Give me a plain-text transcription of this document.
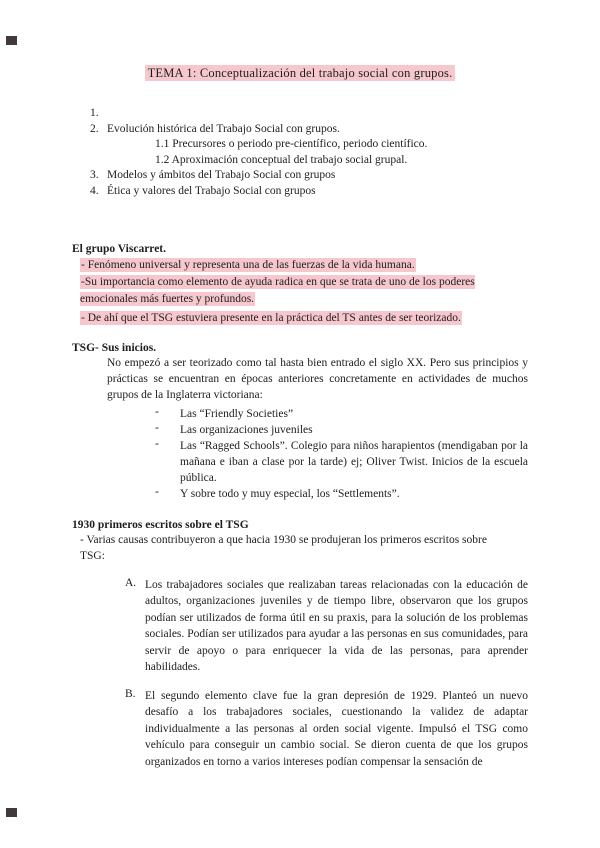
TEMA 1: Conceptualización del trabajo social con grupos.
1.
2. Evolución histórica del Trabajo Social con grupos.
1.1 Precursores o periodo pre-científico, periodo científico.
1.2 Aproximación conceptual del trabajo social grupal.
3. Modelos y ámbitos del Trabajo Social con grupos
4. Ética y valores del Trabajo Social con grupos
El grupo Viscarret.
- Fenómeno universal y representa una de las fuerzas de la vida humana.
-Su importancia como elemento de ayuda radica en que se trata de uno de los poderes emocionales más fuertes y profundos.
- De ahí que el TSG estuviera presente en la práctica del TS antes de ser teorizado.
TSG- Sus inicios.
No empezó a ser teorizado como tal hasta bien entrado el siglo XX. Pero sus principios y prácticas se encuentran en épocas anteriores concretamente en actividades de muchos grupos de la Inglaterra victoriana:
-	Las “Friendly Societies”
-	Las organizaciones juveniles
-	Las “Ragged Schools”. Colegio para niños harapientos (mendigaban por la mañana e iban a clase por la tarde) ej; Oliver Twist. Inicios de la escuela pública.
-	Y sobre todo y muy especial, los “Settlements”.
1930 primeros escritos sobre el TSG
- Varias causas contribuyeron a que hacia 1930 se produjeran los primeros escritos sobre TSG:
A. Los trabajadores sociales que realizaban tareas relacionadas con la educación de adultos, organizaciones juveniles y de tiempo libre, observaron que los grupos podían ser utilizados de forma útil en su praxis, para la solución de los problemas sociales. Podían ser utilizados para ayudar a las personas en sus comunidades, para servir de apoyo o para enriquecer la vida de las personas, para aprender habilidades.
B. El segundo elemento clave fue la gran depresión de 1929. Planteó un nuevo desafío a los trabajadores sociales, cuestionando la validez de adaptar individualmente a las personas al orden social vigente. Impulsó el TSG como vehículo para conseguir un cambio social. Se dieron cuenta de que los grupos organizados en torno a varios intereses podían compensar la sensación de
